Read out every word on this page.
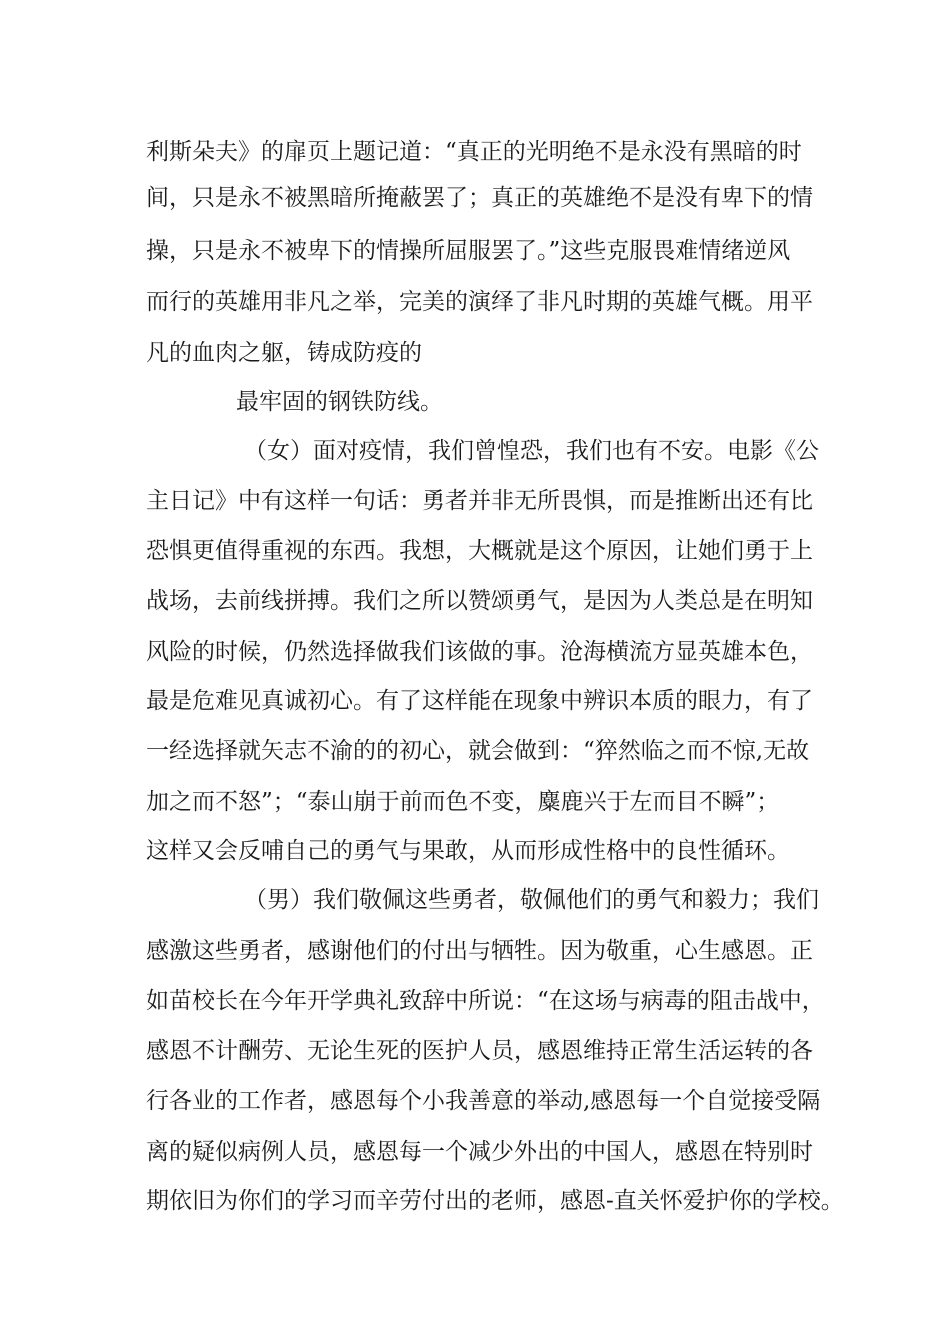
利斯朵夫》的扉页上题记道：“真正的光明绝不是永没有黑暗的时
间，只是永不被黑暗所掩蔽罢了；真正的英雄绝不是没有卑下的情
操，只是永不被卑下的情操所屈服罢了。”这些克服畏难情绪逆风
而行的英雄用非凡之举，完美的演绎了非凡时期的英雄气概。用平
凡的血肉之躯，铸成防疫的
最牢固的钢铁防线。
（女）面对疫情，我们曾惶恐，我们也有不安。电影《公
主日记》中有这样一句话：勇者并非无所畏惧，而是推断出还有比
恐惧更值得重视的东西。我想，大概就是这个原因，让她们勇于上
战场，去前线拼搏。我们之所以赞颂勇气，是因为人类总是在明知
风险的时候，仍然选择做我们该做的事。沧海横流方显英雄本色，
最是危难见真诚初心。有了这样能在现象中辨识本质的眼力，有了
一经选择就矢志不渝的的初心，就会做到：“猝然临之而不惊,无故
加之而不怒”；“泰山崩于前而色不变，麋鹿兴于左而目不瞬”；
这样又会反哺自己的勇气与果敢，从而形成性格中的良性循环。
（男）我们敬佩这些勇者，敬佩他们的勇气和毅力；我们
感激这些勇者，感谢他们的付出与牺牲。因为敬重，心生感恩。正
如苗校长在今年开学典礼致辞中所说：“在这场与病毒的阻击战中，
感恩不计酬劳、无论生死的医护人员，感恩维持正常生活运转的各
行各业的工作者，感恩每个小我善意的举动,感恩每一个自觉接受隔
离的疑似病例人员，感恩每一个减少外出的中国人，感恩在特别时
期依旧为你们的学习而辛劳付出的老师，感恩-直关怀爱护你的学校。
